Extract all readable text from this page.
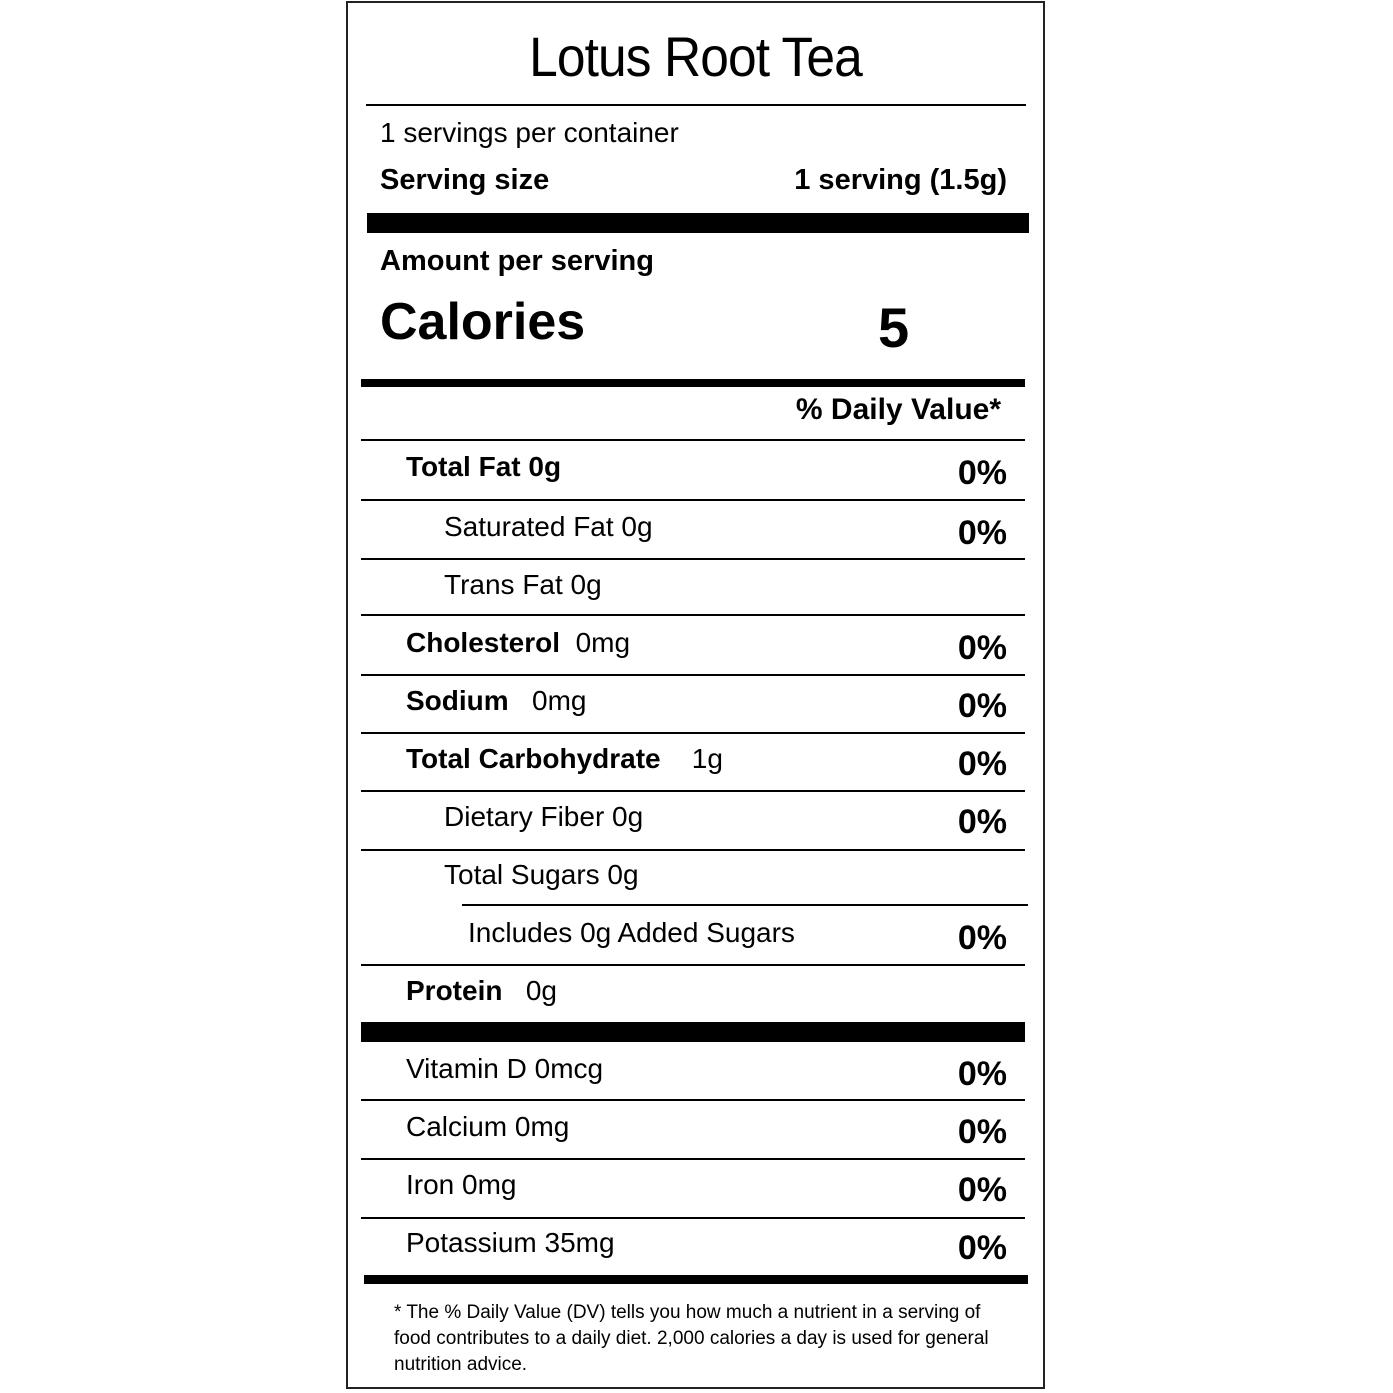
Lotus Root Tea
1 servings per container
Serving size	1 serving (1.5g)
Amount per serving
Calories	5
% Daily Value*
Total Fat 0g	0%
Saturated Fat 0g	0%
Trans Fat 0g
Cholesterol 0mg	0%
Sodium 0mg	0%
Total Carbohydrate 1g	0%
Dietary Fiber 0g	0%
Total Sugars 0g
Includes 0g Added Sugars	0%
Protein 0g
Vitamin D 0mcg	0%
Calcium 0mg	0%
Iron 0mg	0%
Potassium 35mg	0%
* The % Daily Value (DV) tells you how much a nutrient in a serving of food contributes to a daily diet. 2,000 calories a day is used for general nutrition advice.
